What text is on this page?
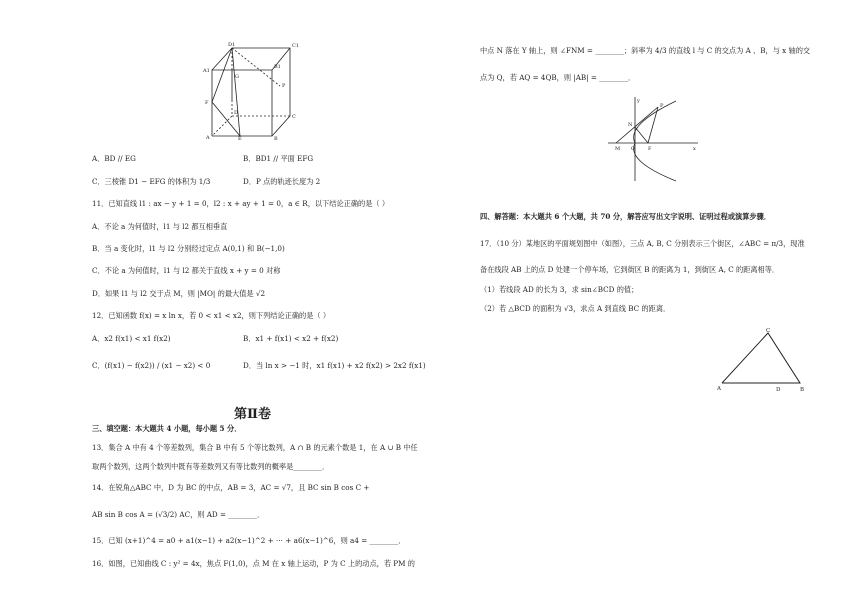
D1	C1
A1
B1
G
P
F
D
C
A	E	B
A．BD // EG	B．BD1 // 平面 EFG
C．三棱锥 D1 − EFG 的体积为 1/3	D．P 点的轨迹长度为 2
11．已知直线 l1 : ax − y + 1 = 0，l2 : x + ay + 1 = 0，a ∈ R，以下结论正确的是（ ）
A．不论 a 为何值时，l1 与 l2 都互相垂直
B．当 a 变化时，l1 与 l2 分别经过定点 A(0,1) 和 B(−1,0)
C．不论 a 为何值时，l1 与 l2 都关于直线 x + y = 0 对称
D．如果 l1 与 l2 交于点 M，则 |MO| 的最大值是 √2
12．已知函数 f(x) = x ln x，若 0 < x1 < x2，则下列结论正确的是（ ）
A．x2 f(x1) < x1 f(x2)	B．x1 + f(x1) < x2 + f(x2)
C．(f(x1) − f(x2)) / (x1 − x2) < 0	D．当 ln x > −1 时，x1 f(x1) + x2 f(x2) > 2x2 f(x1)
第Ⅱ卷
三、填空题：本大题共 4 小题，每小题 5 分．
13．集合 A 中有 4 个等差数列，集合 B 中有 5 个等比数列，A ∩ B 的元素个数是 1，在 A ∪ B 中任
取两个数列，这两个数列中既有等差数列又有等比数列的概率是________．
14．在锐角△ABC 中，D 为 BC 的中点，AB = 3，AC = √7，且 BC sin B cos C +
AB sin B cos A = (√3/2) AC，则 AD = ________．
15．已知 (x+1)^4 = a0 + a1(x−1) + a2(x−1)^2 + ⋯ + a6(x−1)^6，则 a4 = ________．
16．如图，已知曲线 C : y² = 4x，焦点 F(1,0)，点 M 在 x 轴上运动，P 为 C 上的动点，若 PM 的
中点 N 落在 Y 轴上，则 ∠FNM = ________；斜率为 4/3 的直线 l 与 C 的交点为 A 、B，与 x 轴的交
点为 Q，若 AQ = 4QB，则 |AB| = ________．
y
P
N
M O	F	x
四、解答题：本大题共 6 个大题，共 70 分，解答应写出文字说明、证明过程或演算步骤．
17．（10 分）某地区的平面规划图中（如图），三点 A, B, C 分别表示三个街区，∠ABC = π/3，现准
备在线段 AB 上的点 D 处建一个停车场，它到街区 B 的距离为 1，到街区 A, C 的距离相等．
（1）若线段 AD 的长为 3，求 sin∠BCD 的值；
（2）若 △BCD 的面积为 √3，求点 A 到直线 BC 的距离．
C
A	D	B
